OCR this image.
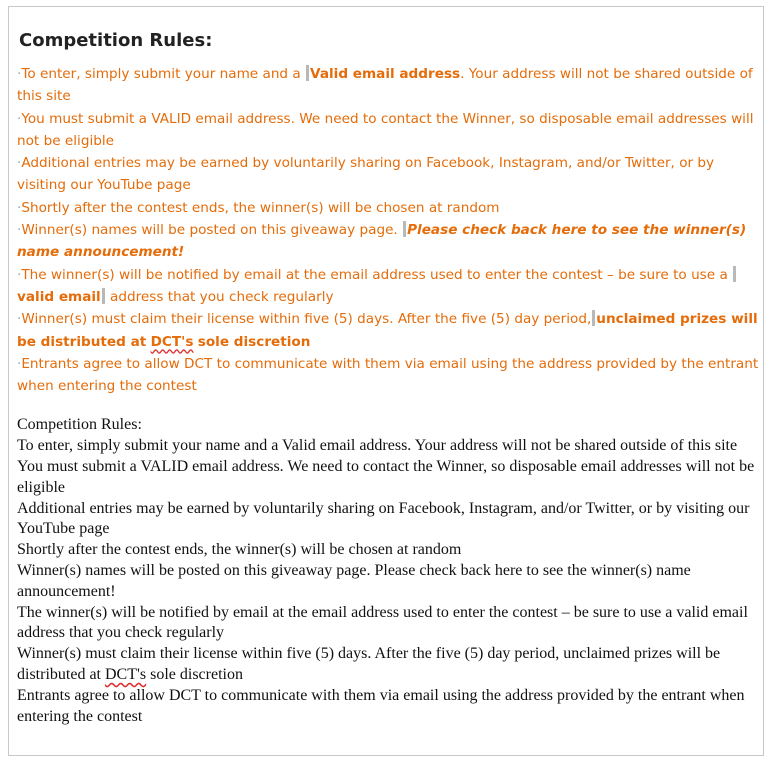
Competition Rules:

·To enter, simply submit your name and a Valid email address. Your address will not be shared outside of this site

·You must submit a VALID email address. We need to contact the Winner, so disposable email addresses will not be eligible

·Additional entries may be earned by voluntarily sharing on Facebook, Instagram, and/or Twitter, or by visiting our YouTube page

·Shortly after the contest ends, the winner(s) will be chosen at random

·Winner(s) names will be posted on this giveaway page. Please check back here to see the winner(s) name announcement!

·The winner(s) will be notified by email at the email address used to enter the contest – be sure to use a valid email address that you check regularly

·Winner(s) must claim their license within five (5) days. After the five (5) day period, unclaimed prizes will be distributed at DCT's sole discretion

·Entrants agree to allow DCT to communicate with them via email using the address provided by the entrant when entering the contest

Competition Rules:

To enter, simply submit your name and a Valid email address. Your address will not be shared outside of this site

You must submit a VALID email address. We need to contact the Winner, so disposable email addresses will not be eligible

Additional entries may be earned by voluntarily sharing on Facebook, Instagram, and/or Twitter, or by visiting our YouTube page

Shortly after the contest ends, the winner(s) will be chosen at random

Winner(s) names will be posted on this giveaway page. Please check back here to see the winner(s) name announcement!

The winner(s) will be notified by email at the email address used to enter the contest – be sure to use a valid email address that you check regularly

Winner(s) must claim their license within five (5) days. After the five (5) day period, unclaimed prizes will be distributed at DCT's sole discretion

Entrants agree to allow DCT to communicate with them via email using the address provided by the entrant when entering the contest
